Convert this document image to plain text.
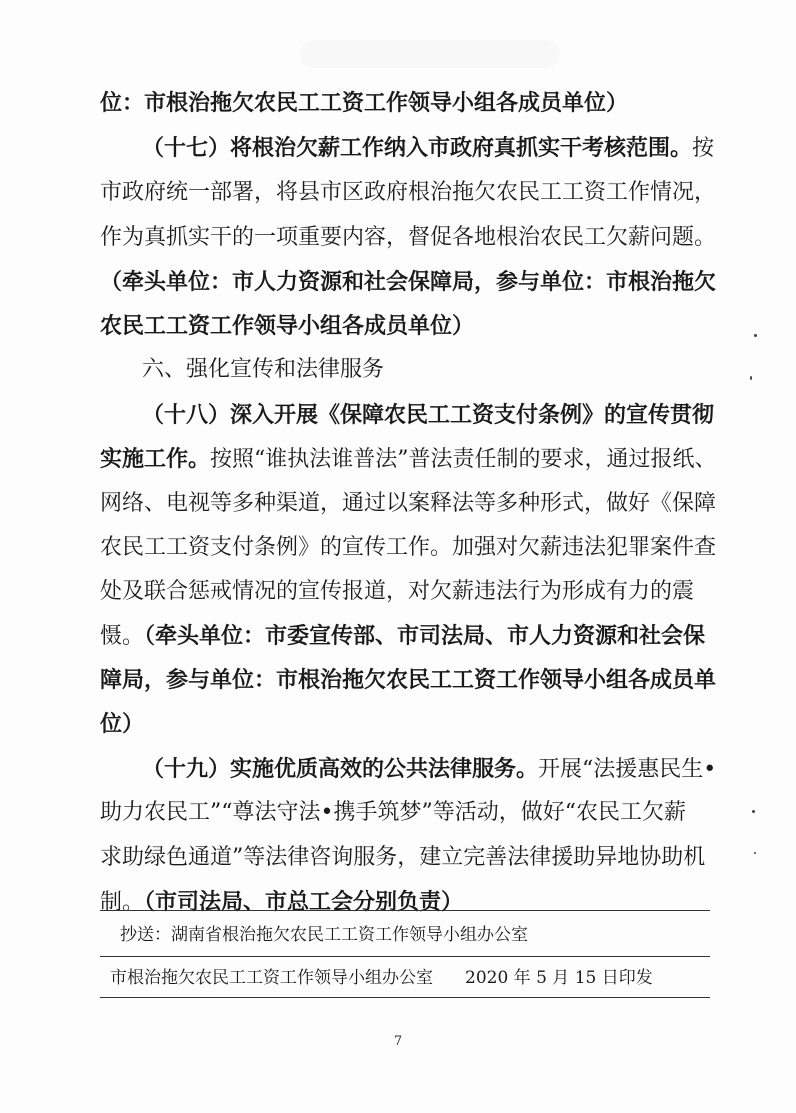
位：市根治拖欠农民工工资工作领导小组各成员单位）
（十七）将根治欠薪工作纳入市政府真抓实干考核范围。按
市政府统一部署，将县市区政府根治拖欠农民工工资工作情况，
作为真抓实干的一项重要内容，督促各地根治农民工欠薪问题。
（牵头单位：市人力资源和社会保障局，参与单位：市根治拖欠
农民工工资工作领导小组各成员单位）
六、强化宣传和法律服务
（十八）深入开展《保障农民工工资支付条例》的宣传贯彻
实施工作。按照“谁执法谁普法”普法责任制的要求，通过报纸、
网络、电视等多种渠道，通过以案释法等多种形式，做好《保障
农民工工资支付条例》的宣传工作。加强对欠薪违法犯罪案件查
处及联合惩戒情况的宣传报道，对欠薪违法行为形成有力的震
慑。（牵头单位：市委宣传部、市司法局、市人力资源和社会保
障局，参与单位：市根治拖欠农民工工资工作领导小组各成员单
位）
（十九）实施优质高效的公共法律服务。开展“法援惠民生•
助力农民工”“尊法守法•携手筑梦”等活动，做好“农民工欠薪
求助绿色通道”等法律咨询服务，建立完善法律援助异地协助机
制。（市司法局、市总工会分别负责）
抄送：湖南省根治拖欠农民工工资工作领导小组办公室
市根治拖欠农民工工资工作领导小组办公室 2020 年 5 月 15 日印发
7
